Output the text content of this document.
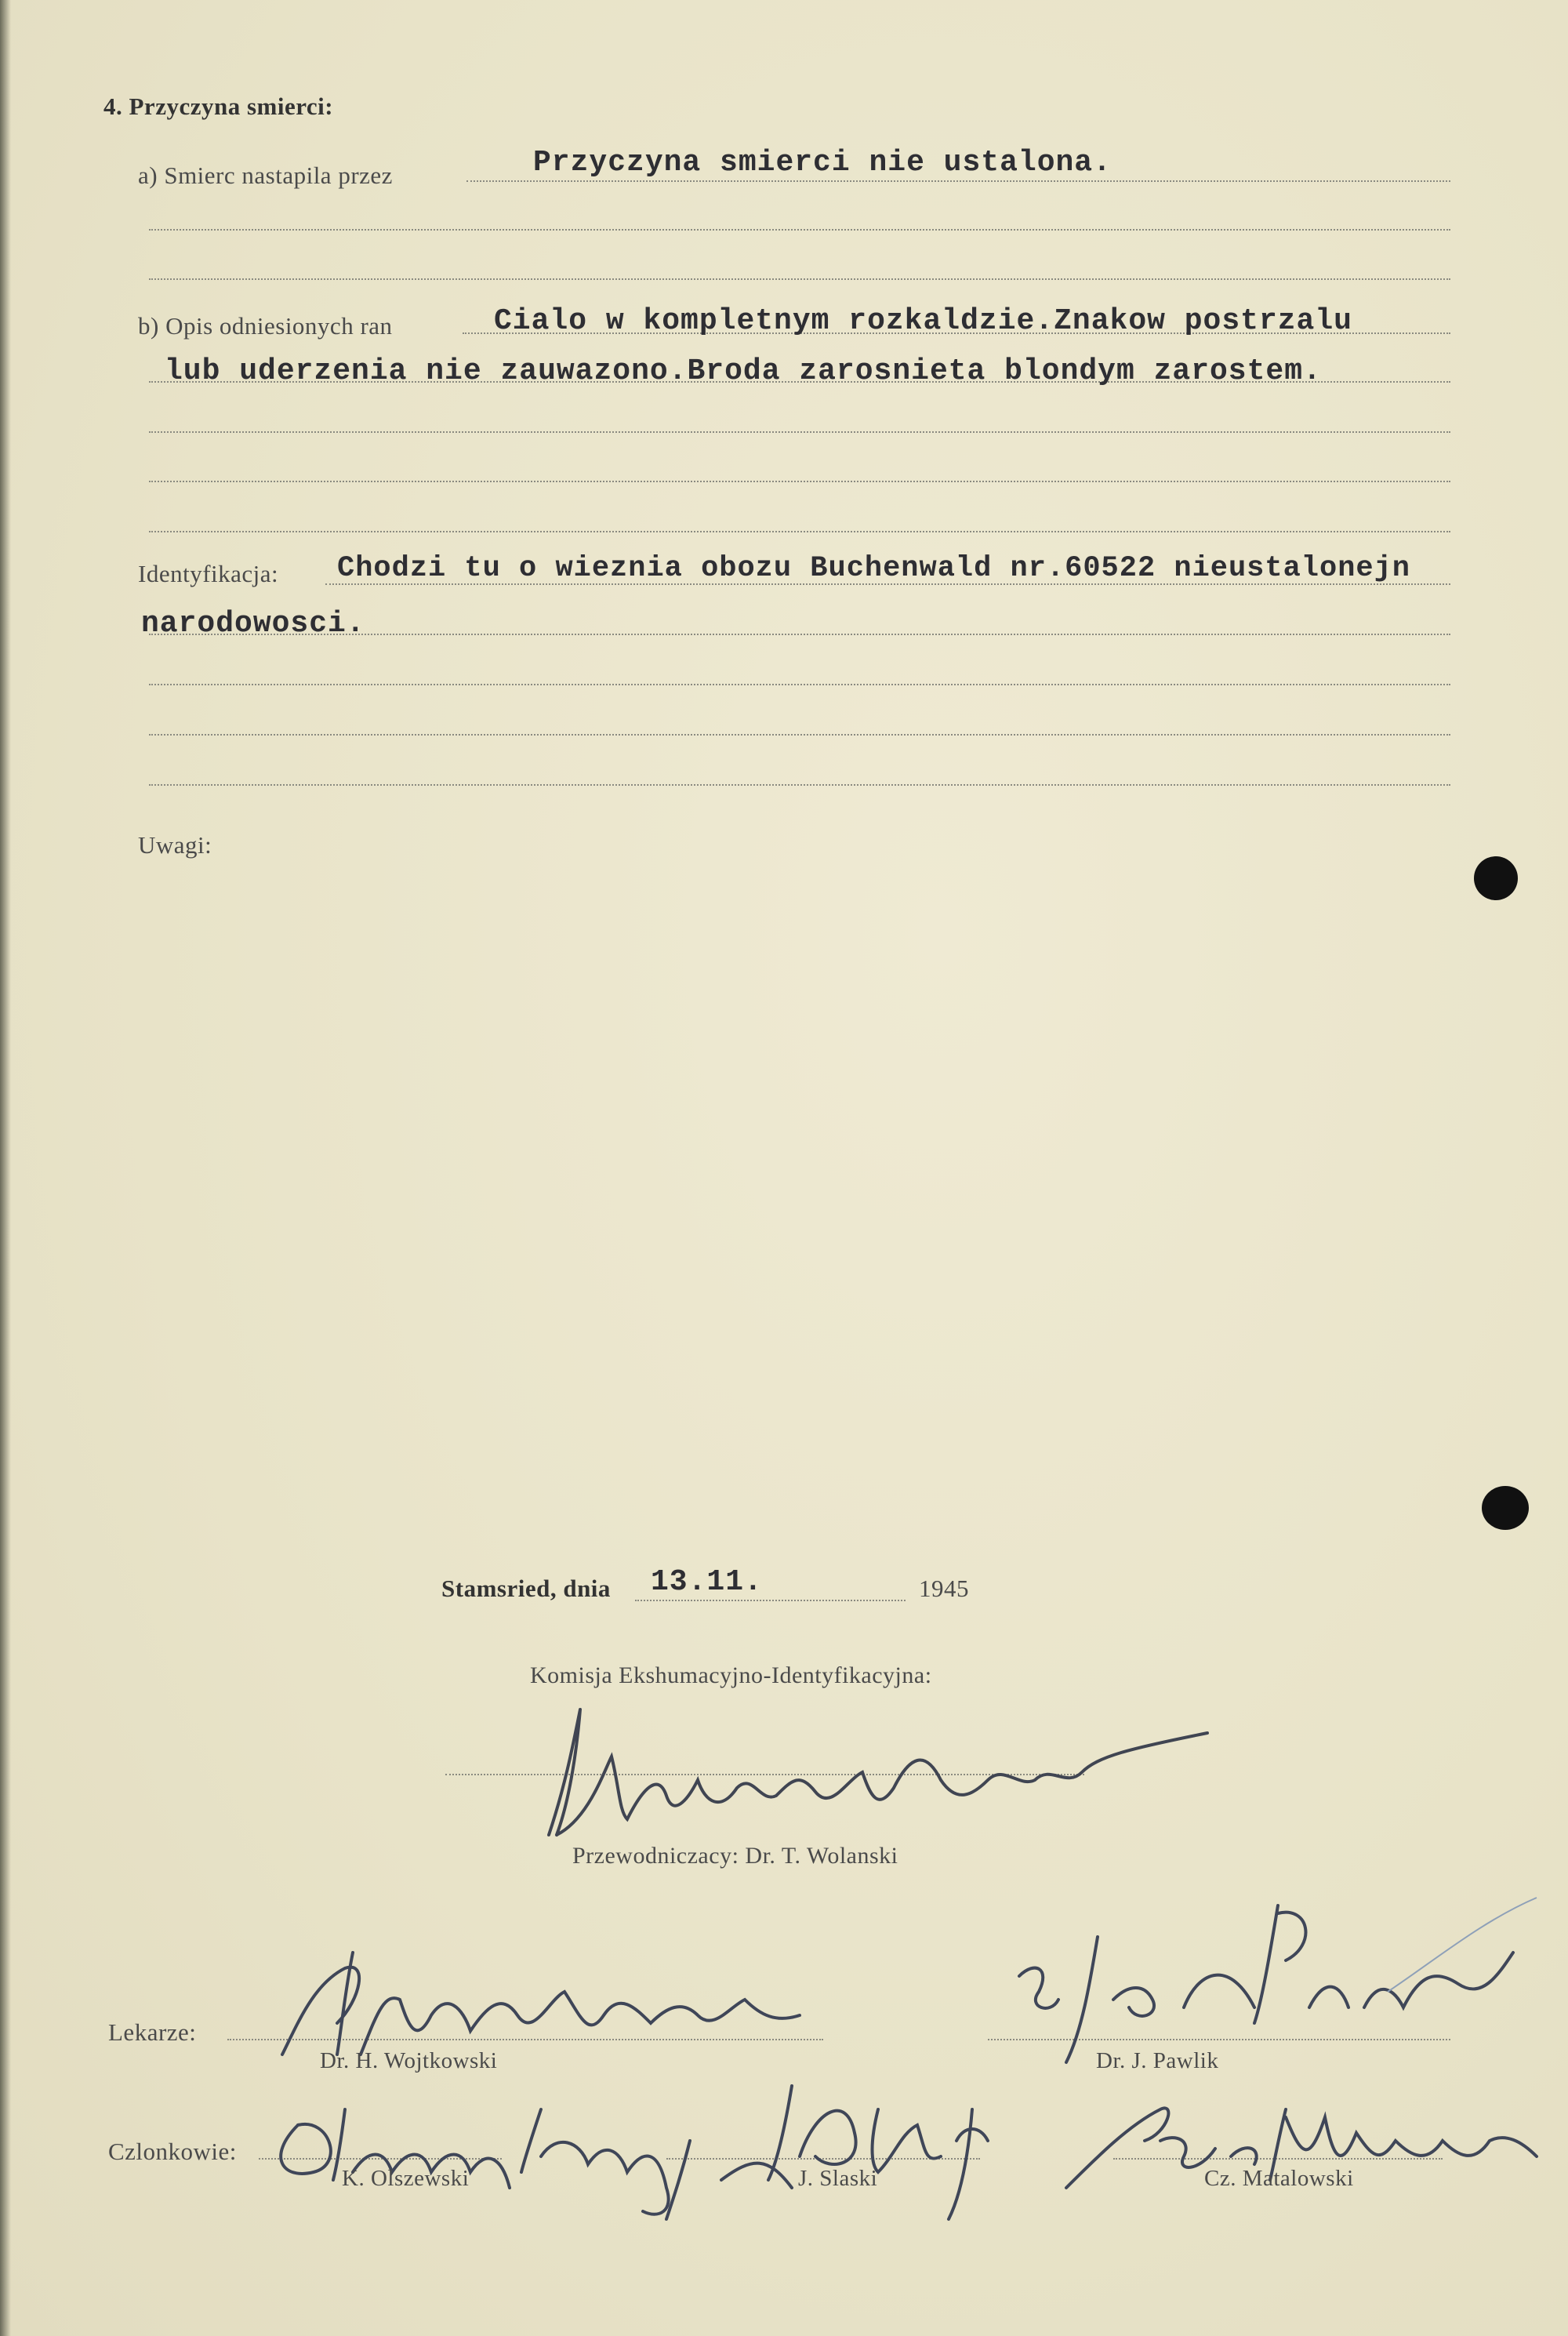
4. Przyczyna smierci:
a) Smierc nastapila przez	Przyczyna smierci nie ustalona.
b) Opis odniesionych ran	Cialo w kompletnym rozkaldzie.Znakow postrzalu
lub uderzenia nie zauwazono.Broda zarosnieta blondym zarostem.
Identyfikacja: Chodzi tu o wieznia obozu Buchenwald nr.60522 nieustalonejn
narodowosci.
Uwagi:
Stamsried, dnia 13.11.	1945
Komisja Ekshumacyjno-Identyfikacyjna:
Przewodniczacy: Dr. T. Wolanski
Lekarze:
Dr. H. Wojtkowski	Dr. J. Pawlik
Czlonkowie:
K. Olszewski	J. Slaski	Cz. Matalowski
